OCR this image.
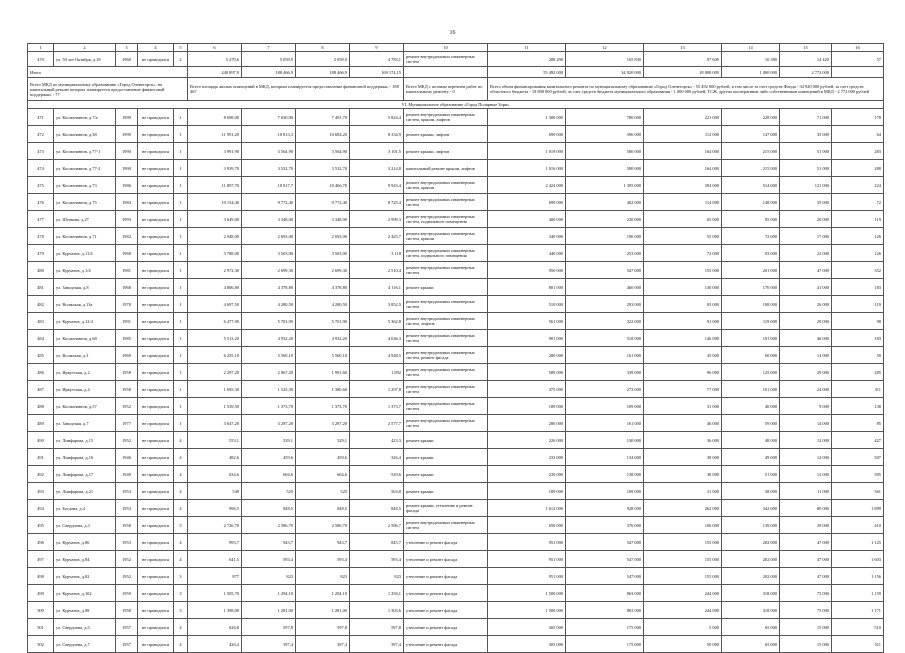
16
1	2	3	4	5	6	7	8	9	10	11	12	13	14	15	16
470	ул. 50 лет Октября, д.18	1960	не проводился	2	5 470,6	5 059,9	5 059,9	4 783,1	ремонт внутридомовых инженерных систем	288 290	165 830	97 600	10 380	14 420	57
Итого					240 897,9	188 466,9	188 466,9	169 174,15		55 492 000	34 920 000	18 800 000	1 000 000	2 772 000	
Всего МКД по муниципальному образованию «Город Оленегорск», на капитальный ремонт которых планируется предоставление финансовой поддержки, - 77					Всего площадь жилых помещений в МКД, которым планируется предоставление финансовой поддержки, - 188 467				Всего МКД с полным перечнем работ по капитальному ремонту - 0	Всего объем финансирования капитального ремонта по муниципальному образованию «Город Оленегорск» - 55 492 000 рублей, в том числе за счет средств Фонда - 34 920 000 рублей, за счет средств областного бюджета - 18 800 000 рублей, за счет средств бюджета муниципального образования - 1 000 000 рублей, ТСЖ, других кооперативов либо собственников помещений в МКД - 2 772 000 рублей					
VI. Муниципальное образование «Город Полярные Зори»															
471	ул. Космонавтов, д.7/а	1990	не проводился	1	8 698,00	7 630,00	7 491,70	5 824,4	ремонт внутридомовых инженерных систем, крыши, лифтов	1 300 000	780 000	221 000	228 000	71 000	178
472	ул. Космонавтов, д.38	1990	не проводился	1	11 991,20	10 813,3	10 684,20	8 334,9	ремонт крыши, лифтов	699 000	396 000	112 000	147 000	35 000	64
473	ул. Космонавтов, д.77-1	1990	не проводился	1	3 991,90	3 564,90	3 564,90	3 101,5	ремонт крыши, лифтов	1 019 000	580 000	164 000	215 000	51 000	283
474	ул. Космонавтов, д.77-2	1990	не проводился	1	3 939,70	3 532,70	3 532,70	3 214,8	капитальный ремонт крыши, лифтов	1 016 000	580 000	164 000	215 000	51 000	288
475	ул. Космонавтов, д.73	1986	не проводился	1	11 897,70	10 817,7	10 466,70	9 943,4	ремонт внутридомовых инженерных систем, крыши	2 424 000	1 395 000	394 000	514 000	121 000	224
476	ул. Космонавтов, д.75	1984	не проводился	1	10 154,40	9 772,40	9 772,40	8 725,4	ремонт внутридомовых инженерных систем	699 000	402 000	114 000	148 000	35 000	72
477	ул. Шечкова, д.27	1993	не проводился	1	3 649,00	3 348,00	3 348,00	2 999,3	ремонт внутридомовых инженерных систем, подвального помещения	400 000	230 000	65 000	85 000	20 000	119
478	ул. Космонавтов, д.71	1982	не проводился	1	2 948,00	2 693,00	2 693,00	2 425,7	ремонт внутридомовых инженерных систем, крыши	340 000	196 000	55 000	72 000	17 000	126
479	ул. Курчатов, д.11/4	1968	не проводился	1	3 788,00	3 503,00	3 503,00	3 118	ремонт внутридомовых инженерных систем, подвального помещения	440 000	253 000	72 000	93 000	22 000	126
480	ул. Курчатов, д.1/4	1981	не проводился	1	2 972,30	2 699,30	2 699,30	2 510,4	ремонт внутридомовых инженерных систем	950 000	547 000	155 000	201 000	47 000	352
481	ул. Заводская, д.8	1968	не проводился	1	4 806,80	4 378,80	4 378,80	4 116,1	ремонт крыши	801 000	460 000	130 000	170 000	41 000	183
482	ул. Волжская, д.13а	1978	не проводился	1	4 697,50	4 280,50	4 280,50	3 852,5	ремонт внутридомовых инженерных систем	510 000	293 000	83 000	108 000	26 000	119
483	ул. Курчатов, д.12/4	1991	не проводился	1	6 477,00	5 701,90	5 701,90	5 362,8	ремонт внутридомовых инженерных систем, лифтов	561 000	322 000	91 000	119 000	29 000	98
484	ул. Космонавтов, д.68	1985	не проводился	1	5 513,20	4 932,20	4 932,20	4 636,3	ремонт внутридомовых инженерных систем	901 000	518 000	146 000	191 000	46 000	183
485	ул. Волжская, д.3	1969	не проводился	1	6 255,10	5 560,10	5 560,10	4 948,5	ремонт внутридомовых инженерных систем, ремонт фасада	280 000	161 000	45 000	60 000	14 000	50
486	ул. Иркутская, д.2	1958	не проводился	1	2 297,20	2 067,20	1 991,60	1 892	ремонт внутридомовых инженерных систем	589 000	339 000	96 000	125 000	29 000	285
487	ул. Иркутская, д.4	1958	не проводился	1	1 695,30	1 525,30	1 380,60	1 297,8	ремонт внутридомовых инженерных систем	475 000	273 000	77 000	101 000	24 000	311
488	ул. Космонавтов, д.57	1952	не проводился	1	1 539,50	1 373,70	1 373,70	1 373,7	ремонт внутридомовых инженерных систем	189 000	109 000	31 000	40 000	9 000	138
489	ул. Заводская, д.7	1977	не проводился	1	3 647,20	3 287,20	3 287,20	2 577,7	ремонт внутридомовых инженерных систем	280 000	161 000	46 000	59 000	14 000	85
490	ул. Лиифарова, д.15	1952	не проводился	4	553,1	529,1	529,1	423,3	ремонт крыши	226 000	130 000	36 000	48 000	12 000	427
491	ул. Лиифарова, д.16	1946	не проводился	4	482,6	459,6	459,6	326,4	ремонт крыши	233 000	134 000	38 000	49 000	12 000	507
492	ул. Лиифарова, д.17	1949	не проводился	4	634,6	604,6	604,6	529,6	ремонт крыши	239 000	138 000	38 000	51 000	12 000	395
493	ул. Лиифарова, д.21	1953	не проводился	4	549	525	525	504,8	ремонт крыши	189 000	109 000	31 000	38 000	11 000	361
494	ул. Богдана, д.4	1953	не проводился	4	996,5	848,5	848,5	848,5	ремонт крыши, утепление и ремонт фасада	1 612 000	928 000	262 000	342 000	80 000	1 899
495	ул. Свердлова, д.3	1958	не проводился	3	2 726,70	2 586,70	2 586,70	2 586,7	ремонт внутридомовых инженерных систем	650 000	376 000	106 000	139 000	29 000	410
496	ул. Курчатов, д.86	1953	не проводился	4	993,7	943,7	943,7	845,7	утепление и ремонт фасада	951 000	547 000	155 000	202 000	47 000	1 125
497	ул. Курчатов, д.84	1952	не проводился	4	641,5	593,4	593,4	593,4	утепление и ремонт фасада	951 000	547 000	155 000	202 000	47 000	1 603
498	ул. Курчатов, д.82	1952	не проводился	3	877	823	823	823	утепление и ремонт фасада	951 000	547 000	155 000	202 000	47 000	1 156
499	ул. Курчатов, д.102	1959	не проводился	3	1 505,70	1 294,10	1 294,10	1 294,1	утепление и ремонт фасада	1 500 000	863 000	244 000	318 000	75 000	1 159
500	ул. Курчатов, д.98	1958	не проводился	3	1 398,00	1 281,00	1 281,00	1 303,6	утепление и ремонт фасада	1 500 000	863 000	244 000	318 000	75 000	1 171
501	ул. Свердлова, д.5	1957	не проводился	4	626,8	597,8	597,8	597,8	утепление и ремонт фасада	305 000	175 000	5 000	65 000	15 000	510
502	ул. Свердлова, д.7	1957	не проводился	4	426,4	397,4	397,4	397,4	утепление и ремонт фасада	305 000	175 000	50 000	65 000	15 000	511
